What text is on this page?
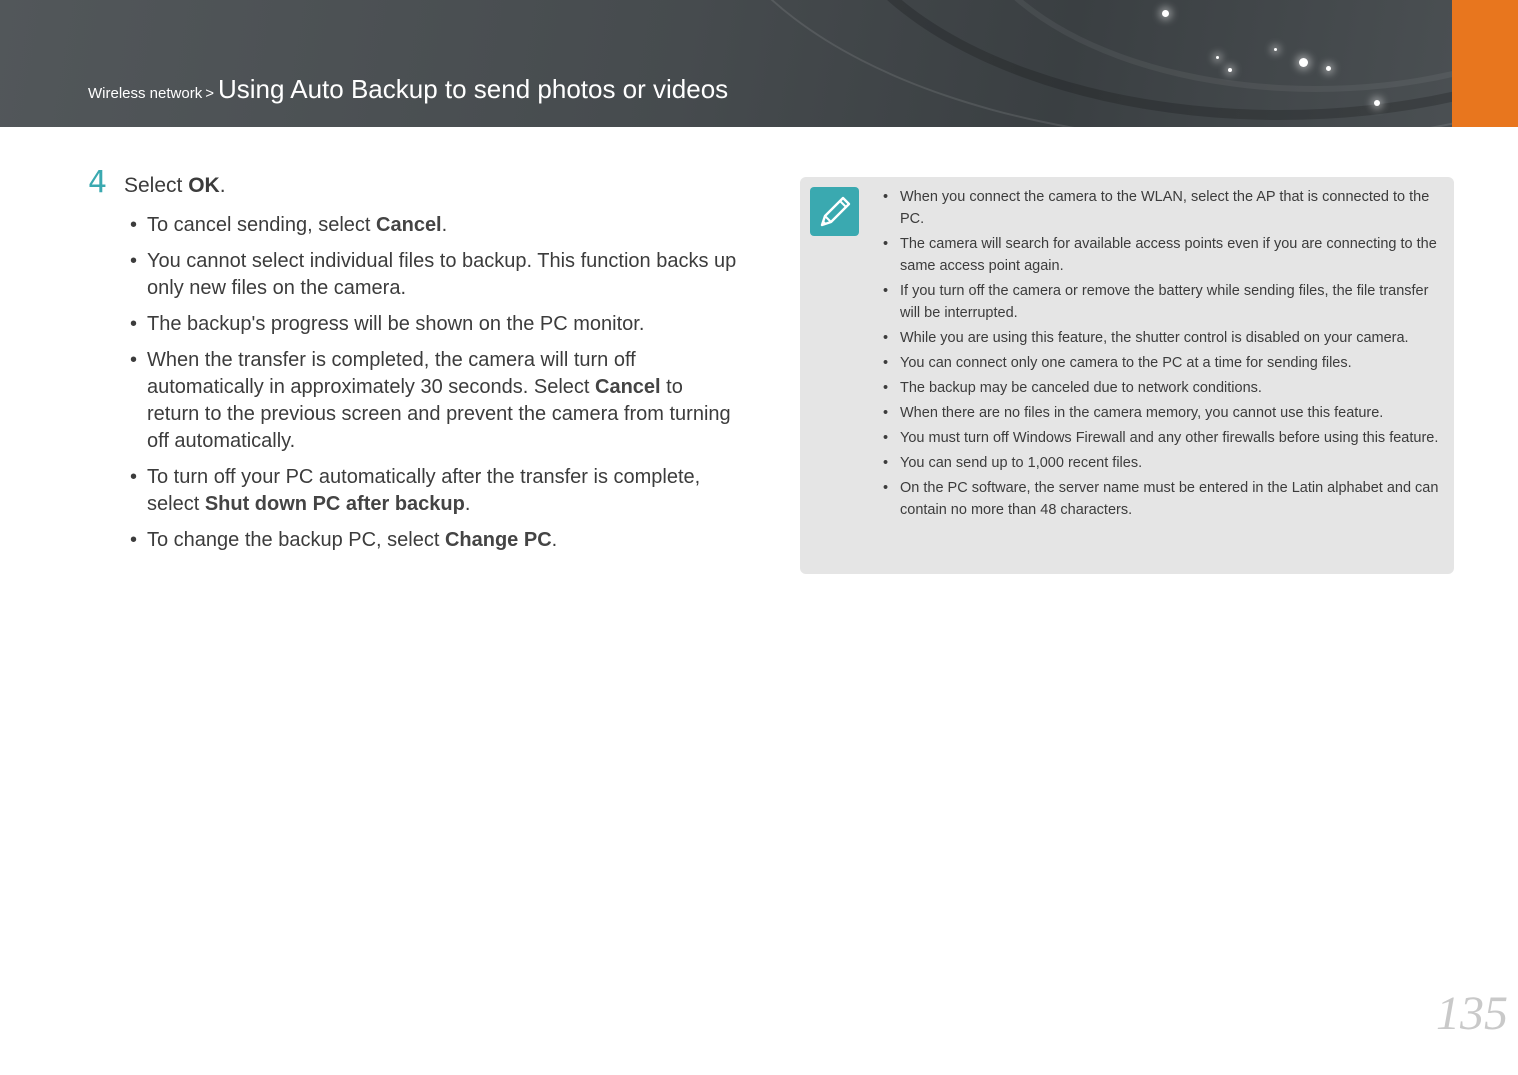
Wireless network > Using Auto Backup to send photos or videos
4 Select OK.
• To cancel sending, select Cancel.
• You cannot select individual files to backup. This function backs up only new files on the camera.
• The backup's progress will be shown on the PC monitor.
• When the transfer is completed, the camera will turn off automatically in approximately 30 seconds. Select Cancel to return to the previous screen and prevent the camera from turning off automatically.
• To turn off your PC automatically after the transfer is complete, select Shut down PC after backup.
• To change the backup PC, select Change PC.
• When you connect the camera to the WLAN, select the AP that is connected to the PC.
• The camera will search for available access points even if you are connecting to the same access point again.
• If you turn off the camera or remove the battery while sending files, the file transfer will be interrupted.
• While you are using this feature, the shutter control is disabled on your camera.
• You can connect only one camera to the PC at a time for sending files.
• The backup may be canceled due to network conditions.
• When there are no files in the camera memory, you cannot use this feature.
• You must turn off Windows Firewall and any other firewalls before using this feature.
• You can send up to 1,000 recent files.
• On the PC software, the server name must be entered in the Latin alphabet and can contain no more than 48 characters.
135
